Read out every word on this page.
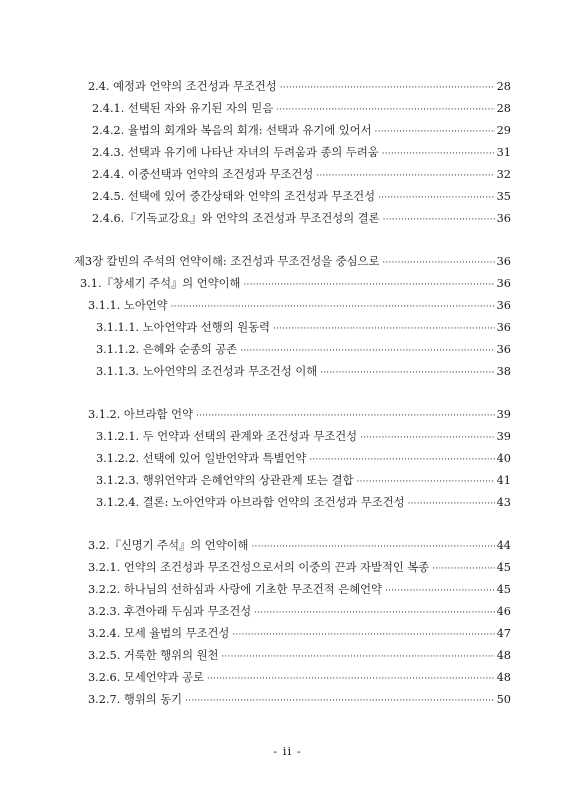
2.4. 예정과 언약의 조건성과 무조건성 ·····	28
2.4.1. 선택된 자와 유기된 자의 믿음 ·····	28
2.4.2. 율법의 회개와 복음의 회개: 선택과 유기에 있어서 ·····	29
2.4.3. 선택과 유기에 나타난 자녀의 두려움과 종의 두려움 ·····	31
2.4.4. 이중선택과 언약의 조건성과 무조건성 ·····	32
2.4.5. 선택에 있어 중간상태와 언약의 조건성과 무조건성 ·····	35
2.4.6.『기독교강요』와 언약의 조건성과 무조건성의 결론 ·····	36
제3장 칼빈의 주석의 언약이해: 조건성과 무조건성을 중심으로 ·····	36
3.1.『창세기 주석』의 언약이해 ·····	36
3.1.1. 노아언약 ·····	36
3.1.1.1. 노아언약과 선행의 원동력 ·····	36
3.1.1.2. 은혜와 순종의 공존 ·····	36
3.1.1.3. 노아언약의 조건성과 무조건성 이해 ·····	38
3.1.2. 아브라함 언약 ·····	39
3.1.2.1. 두 언약과 선택의 관계와 조건성과 무조건성 ·····	39
3.1.2.2. 선택에 있어 일반언약과 특별언약 ·····	40
3.1.2.3. 행위언약과 은혜언약의 상관관계 또는 결합 ·····	41
3.1.2.4. 결론: 노아언약과 아브라함 언약의 조건성과 무조건성 ·····	43
3.2.『신명기 주석』의 언약이해 ·····	44
3.2.1. 언약의 조건성과 무조건성으로서의 이중의 끈과 자발적인 복종 ·····	45
3.2.2. 하나님의 선하심과 사랑에 기초한 무조건적 은혜언약 ·····	45
3.2.3. 후견아래 두심과 무조건성 ·····	46
3.2.4. 모세 율법의 무조건성 ·····	47
3.2.5. 거룩한 행위의 원천 ·····	48
3.2.6. 모세언약과 공로 ·····	48
3.2.7. 행위의 동기 ·····	50
- ii -
